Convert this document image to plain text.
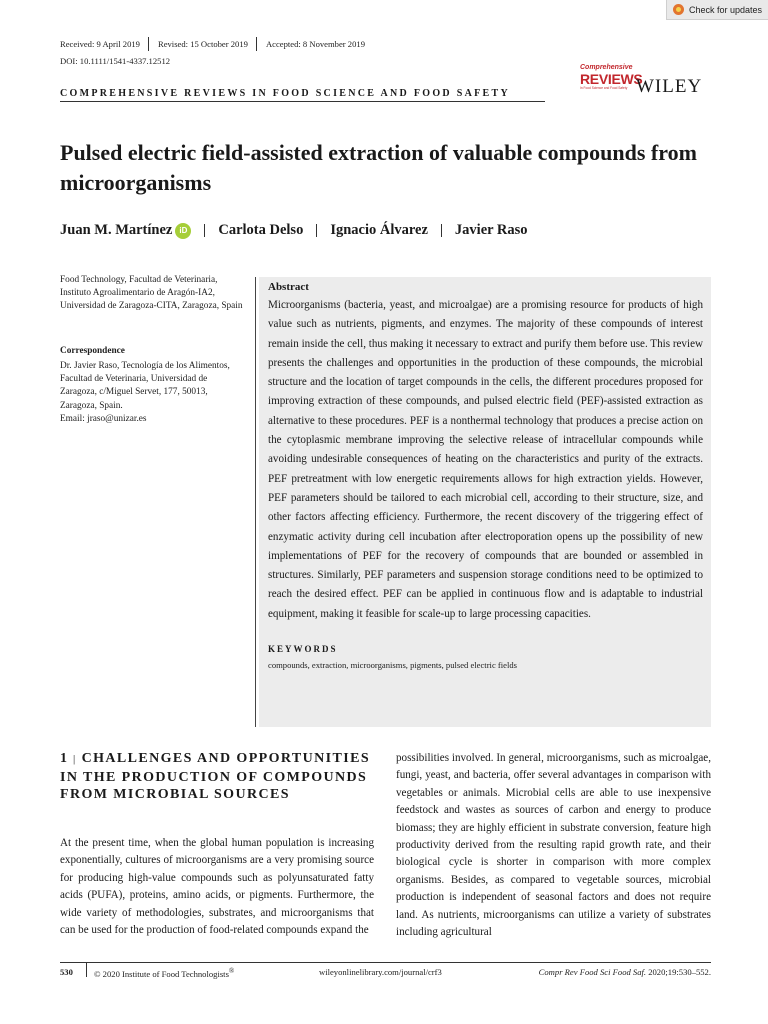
Check for updates
Received: 9 April 2019 Revised: 15 October 2019 Accepted: 8 November 2019
DOI: 10.1111/1541-4337.12512
COMPREHENSIVE REVIEWS IN FOOD SCIENCE AND FOOD SAFETY
Comprehensive
REVIEWS
In Food Science and Food Safety WILEY
Pulsed electric field-assisted extraction of valuable compounds from microorganisms
Juan M. Martínez iD Carlota Delso Ignacio Álvarez Javier Raso
Food Technology, Facultad de Veterinaria, Instituto Agroalimentario de Aragón-IA2, Universidad de Zaragoza-CITA, Zaragoza, Spain
Correspondence
Dr. Javier Raso, Tecnología de los Alimentos, Facultad de Veterinaria, Universidad de Zaragoza, c/Miguel Servet, 177, 50013, Zaragoza, Spain.
Email: jraso@unizar.es
Abstract
Microorganisms (bacteria, yeast, and microalgae) are a promising resource for products of high value such as nutrients, pigments, and enzymes. The majority of these compounds of interest remain inside the cell, thus making it necessary to extract and purify them before use. This review presents the challenges and opportunities in the production of these compounds, the microbial structure and the location of target compounds in the cells, the different procedures proposed for improving extraction of these compounds, and pulsed electric field (PEF)-assisted extraction as alternative to these procedures. PEF is a nonthermal technology that produces a precise action on the cytoplasmic membrane improving the selective release of intracellular compounds while avoiding undesirable consequences of heating on the characteristics and purity of the extracts. PEF pretreatment with low energetic requirements allows for high extraction yields. However, PEF parameters should be tailored to each microbial cell, according to their structure, size, and other factors affecting efficiency. Furthermore, the recent discovery of the triggering effect of enzymatic activity during cell incubation after electroporation opens up the possibility of new implementations of PEF for the recovery of compounds that are bounded or assembled in structures. Similarly, PEF parameters and suspension storage conditions need to be optimized to reach the desired effect. PEF can be applied in continuous flow and is adaptable to industrial equipment, making it feasible for scale-up to large processing capacities.
KEYWORDS
compounds, extraction, microorganisms, pigments, pulsed electric fields
1 | CHALLENGES AND OPPORTUNITIES IN THE PRODUCTION OF COMPOUNDS FROM MICROBIAL SOURCES

At the present time, when the global human population is increasing exponentially, cultures of microorganisms are a very promising source for producing high-value compounds such as polyunsaturated fatty acids (PUFA), proteins, amino acids, or pigments. Furthermore, the wide variety of methodologies, substrates, and microorganisms that can be used for the production of food-related compounds expand the

possibilities involved. In general, microorganisms, such as microalgae, fungi, yeast, and bacteria, offer several advantages in comparison with vegetables or animals. Microbial cells are able to use inexpensive feedstock and wastes as sources of carbon and energy to produce biomass; they are highly efficient in substrate conversion, feature high productivity derived from the resulting rapid growth rate, and their biological cycle is shorter in comparison with more complex organisms. Besides, as compared to vegetable sources, microbial production is independent of seasonal factors and does not require land. As nutrients, microorganisms can utilize a variety of substrates including agricultural

530 © 2020 Institute of Food Technologists®	wileyonlinelibrary.com/journal/crf3	Compr Rev Food Sci Food Saf. 2020;19:530–552.
